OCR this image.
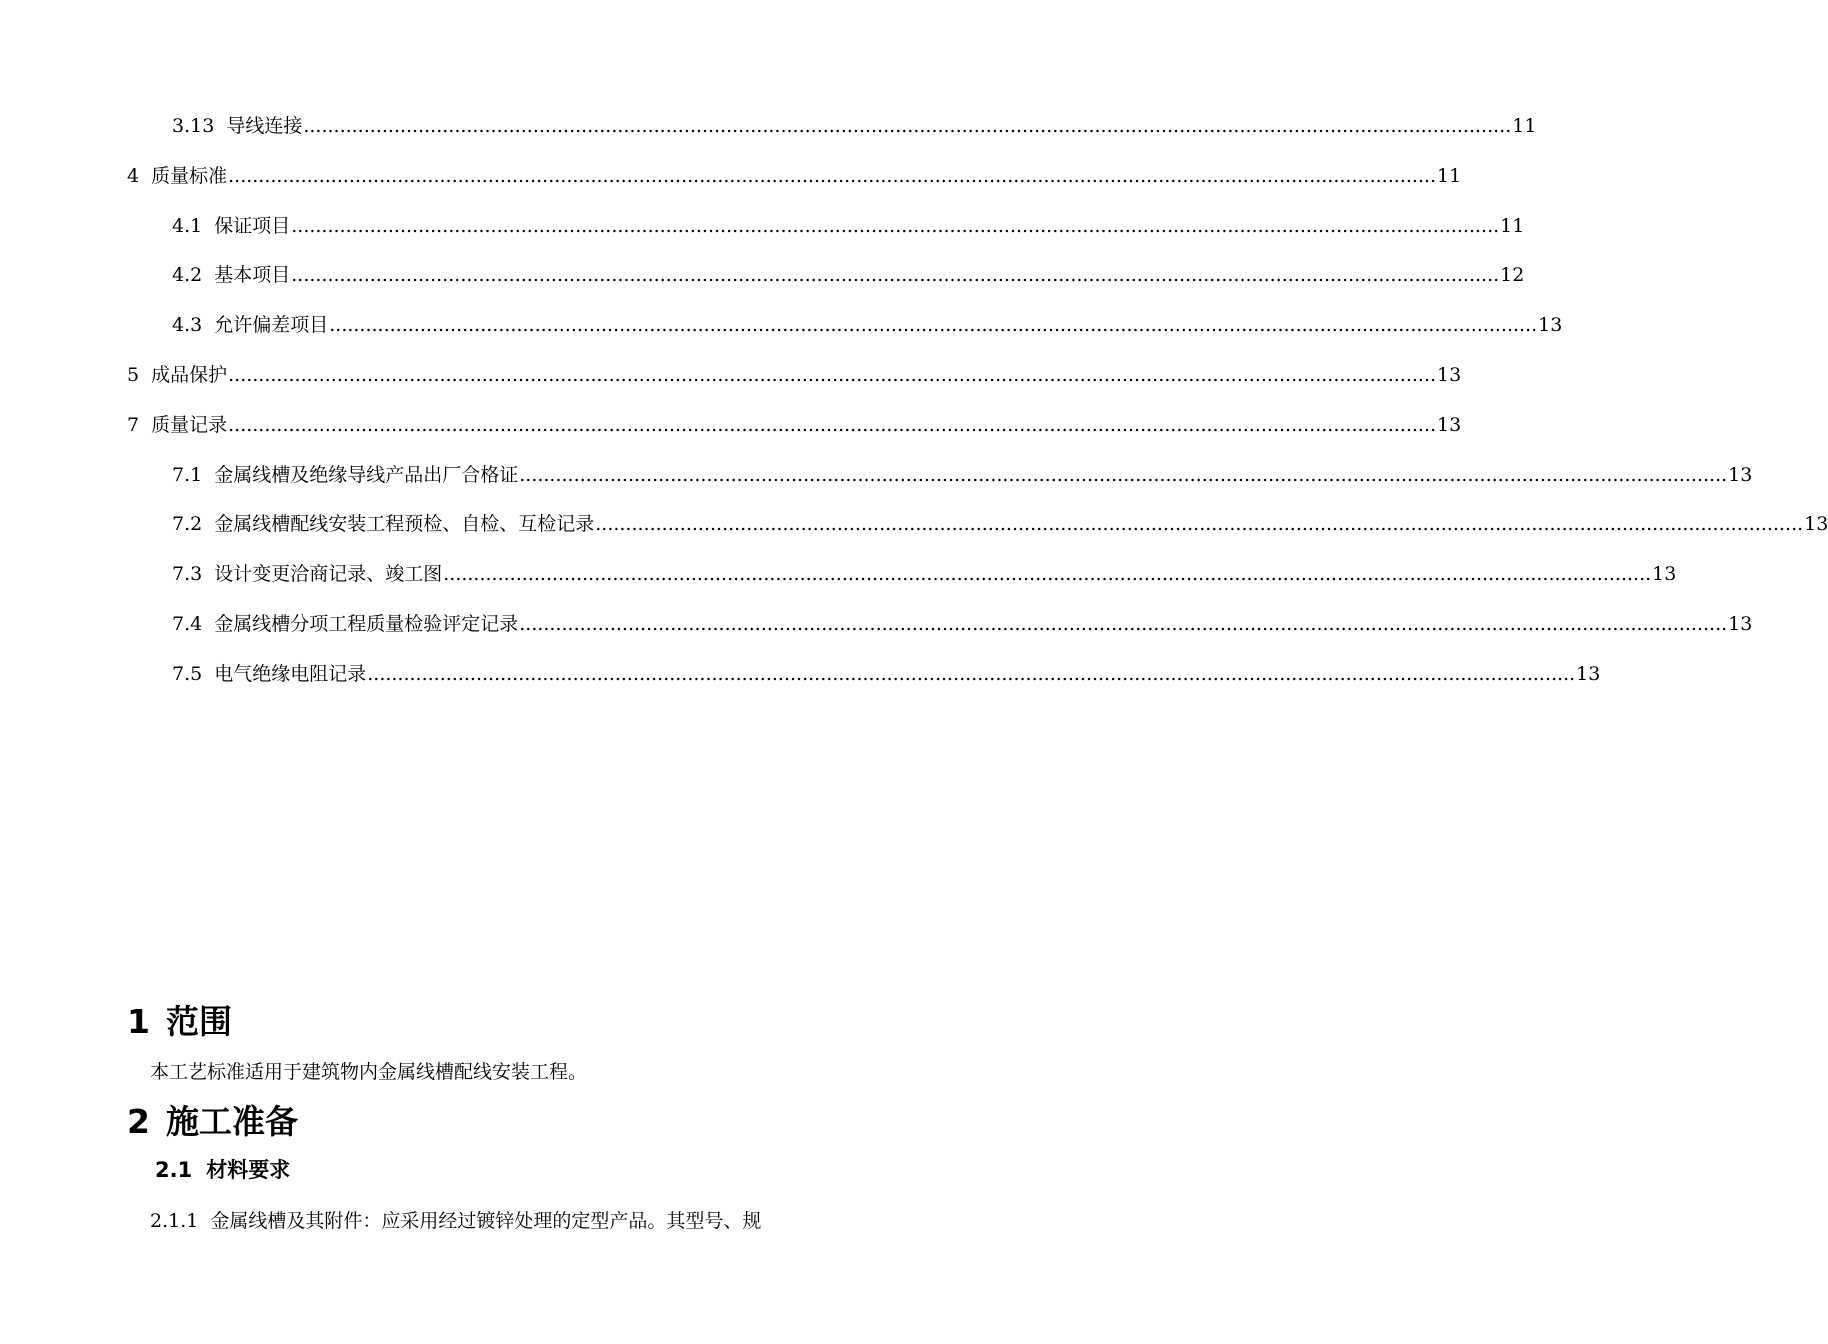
3.13 导线连接 ........................................................................................................................................................................................................ 11
4 质量标准 ........................................................................................................................................................................................................ 11
4.1 保证项目 ........................................................................................................................................................................................................ 11
4.2 基本项目 ........................................................................................................................................................................................................ 12
4.3 允许偏差项目 ........................................................................................................................................................................................................ 13
5 成品保护 ........................................................................................................................................................................................................ 13
7 质量记录 ........................................................................................................................................................................................................ 13
7.1 金属线槽及绝缘导线产品出厂合格证 ........................................................................................................................................................................................................ 13
7.2 金属线槽配线安装工程预检、自检、互检记录 ........................................................................................................................................................................................................ 13
7.3 设计变更洽商记录、竣工图 ........................................................................................................................................................................................................ 13
7.4 金属线槽分项工程质量检验评定记录 ........................................................................................................................................................................................................ 13
7.5 电气绝缘电阻记录 ........................................................................................................................................................................................................ 13
1 范围
本工艺标准适用于建筑物内金属线槽配线安装工程。
2 施工准备
2.1 材料要求
2.1.1 金属线槽及其附件：应采用经过镀锌处理的定型产品。其型号、规
